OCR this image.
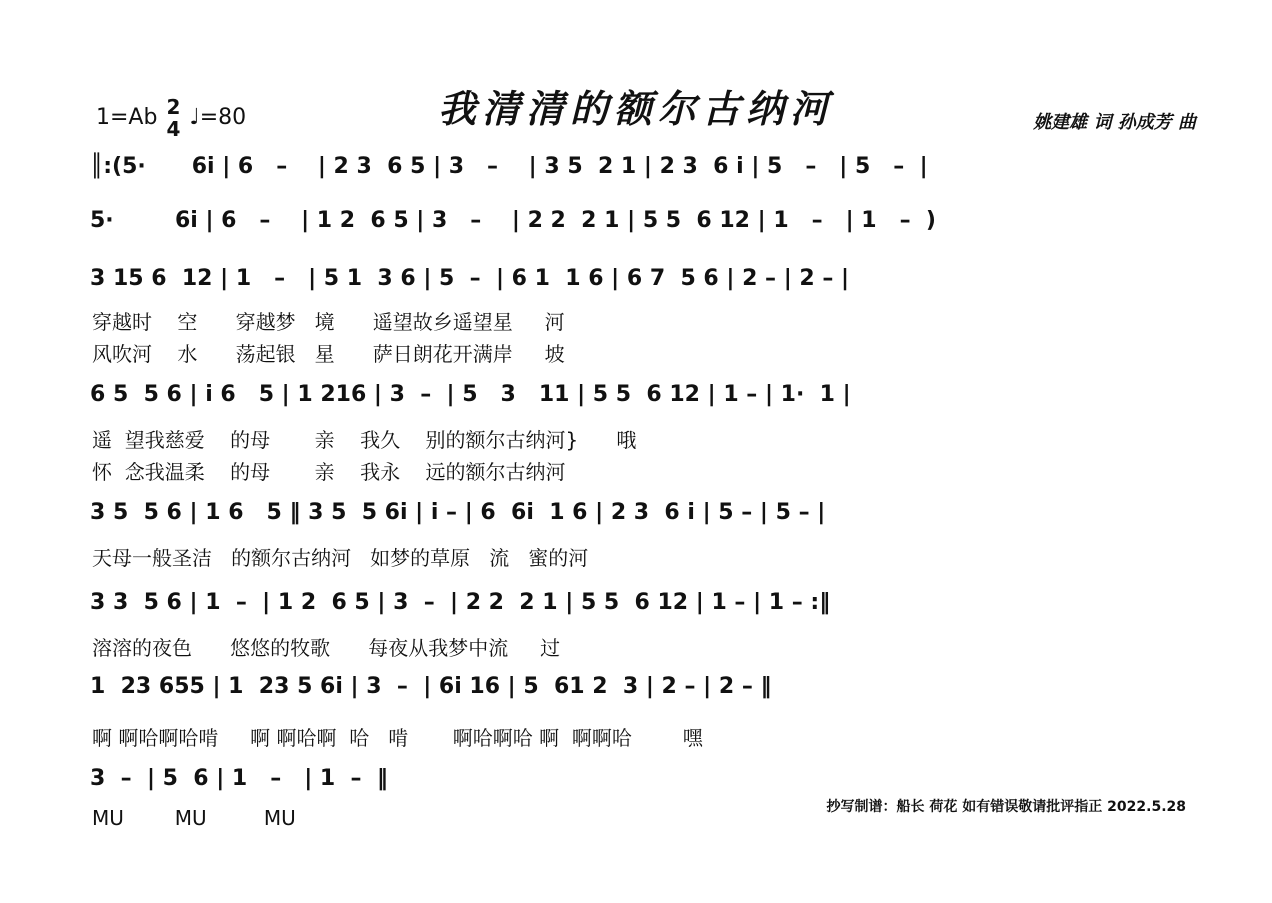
1=Ab 2
4 ♩=80	我清清的额尔古纳河	姚建雄 词 孙成芳 曲
║:(5·      6i | 6   –    | 2 3  6 5 | 3   –    | 3 5  2 1 | 2 3  6 i | 5   –   | 5   –  |
5·        6i | 6   –    | 1 2  6 5 | 3   –    | 2 2  2 1 | 5 5  6 12 | 1   –   | 1   –  )
3 15 6  12 | 1   –   | 5 1  3 6 | 5  –  | 6 1  1 6 | 6 7  5 6 | 2 – | 2 – |
穿越时    空      穿越梦   境      遥望故乡遥望星     河
风吹河    水      荡起银   星      萨日朗花开满岸     坡
6 5  5 6 | i 6   5 | 1 216 | 3  –  | 5   3   11 | 5 5  6 12 | 1 – | 1·  1 |
遥  望我慈爱    的母       亲    我久    别的额尔古纳河}      哦
怀  念我温柔    的母       亲    我永    远的额尔古纳河
3 5  5 6 | 1 6   5 ‖ 3 5  5 6i | i – | 6  6i  1 6 | 2 3  6 i | 5 – | 5 – |
天母一般圣洁   的额尔古纳河   如梦的草原   流   蜜的河
3 3  5 6 | 1  –  | 1 2  6 5 | 3  –  | 2 2  2 1 | 5 5  6 12 | 1 – | 1 – :‖
溶溶的夜色      悠悠的牧歌      每夜从我梦中流     过
1  23 655 | 1  23 5 6i | 3  –  | 6i 16 | 5  61 2  3 | 2 – | 2 – ‖
啊 啊哈啊哈啃     啊 啊哈啊  哈   啃       啊哈啊哈 啊  啊啊哈        嘿
3  –  | 5  6 | 1   –   | 1  –  ‖
MU        MU         MU	抄写制谱：船长 荷花 如有错误敬请批评指正 2022.5.28
